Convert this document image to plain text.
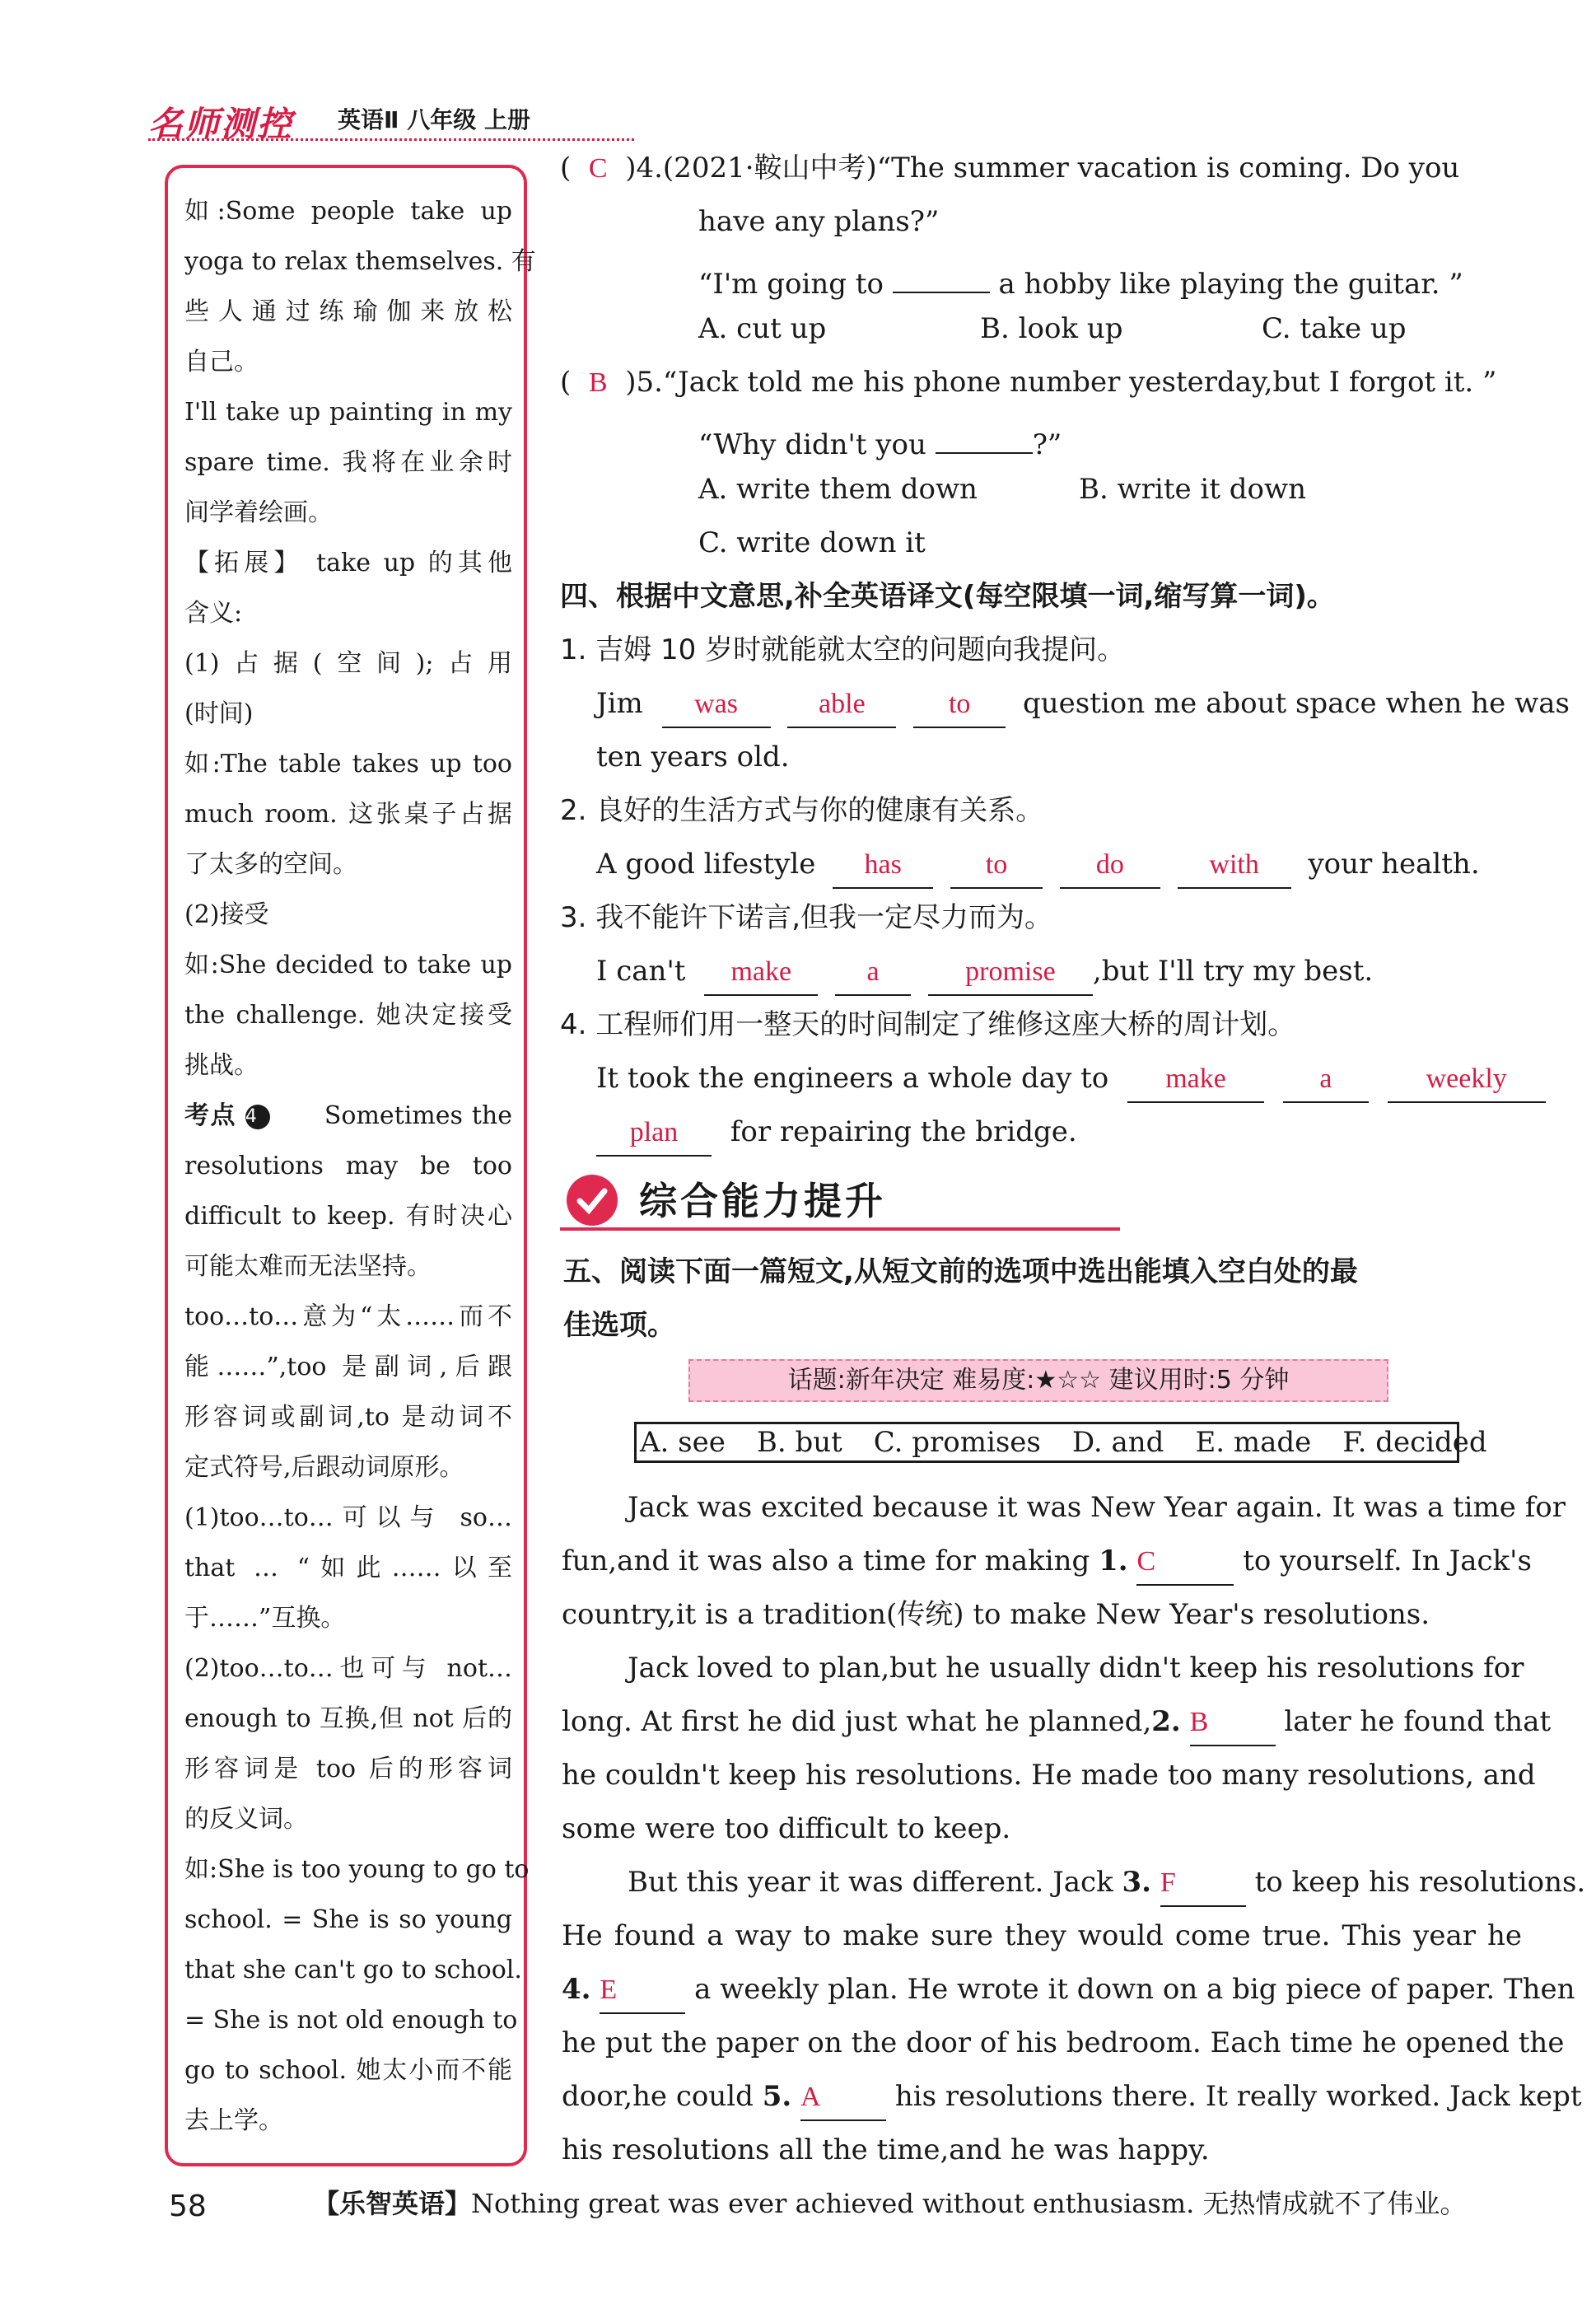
名师测控 英语Ⅱ 八年级 上册
如:Some people take up
yoga to relax themselves. 有
些人通过练瑜伽来放松
自己。
I'll take up painting in my
spare time. 我将在业余时
间学着绘画。
【拓展】 take up 的其他
含义:
(1)占据(空间);占用
(时间)
如:The table takes up too
much room. 这张桌子占据
了太多的空间。
(2)接受
如:She decided to take up
the challenge. 她决定接受
挑战。
考点 4	Sometimes the
resolutions may be too
difficult to keep. 有时决心
可能太难而无法坚持。
too…to…意为“太……而不
能……”,too 是副词,后跟
形容词或副词,to 是动词不
定式符号,后跟动词原形。
(1)too…to…可以与 so…
that … “如此……以至
于……”互换。
(2)too…to…也可与 not…
enough to 互换,但 not 后的
形容词是 too 后的形容词
的反义词。
如:She is too young to go to
school. = She is so young
that she can't go to school.
= She is not old enough to
go to school. 她太小而不能
去上学。
(  C )4.(2021·鞍山中考)“The summer vacation is coming. Do you
have any plans?”
“I'm going to	a hobby like playing the guitar. ”
A. cut up	B. look up	C. take up
(  B )5.“Jack told me his phone number yesterday,but I forgot it. ”
“Why didn't you	?”
A. write them down	B. write it down
C. write down it
四、根据中文意思,补全英语译文(每空限填一词,缩写算一词)。
1. 吉姆 10 岁时就能就太空的问题向我提问。
Jim was	able	to question me about space when he was
ten years old.
2. 良好的生活方式与你的健康有关系。
A good lifestyle has	to	do	with your health.
3. 我不能许下诺言,但我一定尽力而为。
I can't make	a	promise ,but I'll try my best.
4. 工程师们用一整天的时间制定了维修这座大桥的周计划。
It took the engineers a whole day to make	a	weekly
plan for repairing the bridge.
综合能力提升
五、阅读下面一篇短文,从短文前的选项中选出能填入空白处的最
佳选项。
话题:新年决定 难易度:★☆☆ 建议用时:5 分钟
A. see B. but C. promises D. and E. made F. decided
Jack was excited because it was New Year again. It was a time for
fun,and it was also a time for making 1. C	to yourself. In Jack's
country,it is a tradition(传统) to make New Year's resolutions.
Jack loved to plan,but he usually didn't keep his resolutions for
long. At first he did just what he planned,2. B	later he found that
he couldn't keep his resolutions. He made too many resolutions, and
some were too difficult to keep.
But this year it was different. Jack 3. F	to keep his resolutions.
He found a way to make sure they would come true. This year he
4. E	a weekly plan. He wrote it down on a big piece of paper. Then
he put the paper on the door of his bedroom. Each time he opened the
door,he could 5. A	his resolutions there. It really worked. Jack kept
his resolutions all the time,and he was happy.
58	【乐智英语】Nothing great was ever achieved without enthusiasm. 无热情成就不了伟业。
